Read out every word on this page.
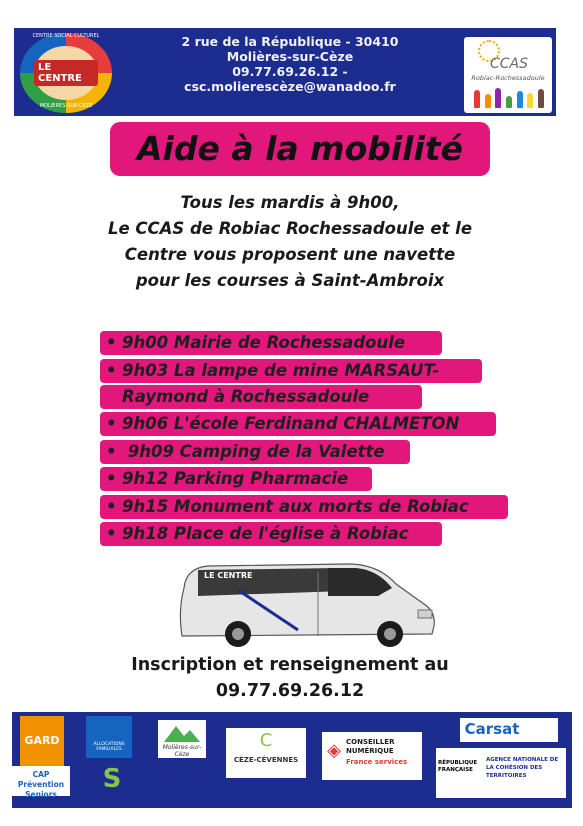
LE CENTRE
CENTRE SOCIAL CULTUREL
MOLIÈRES-SUR-CÈZE
2 rue de la République - 30410
Molières-sur-Cèze
09.77.69.26.12 -
csc.molierescèze@wanadoo.fr
CCAS
Robiac-Rochessadoule
Aide à la mobilité
Tous les mardis à 9h00,
Le CCAS de Robiac Rochessadoule et le
Centre vous proposent une navette
pour les courses à Saint-Ambroix
• 9h00 Mairie de Rochessadoule
• 9h03 La lampe de mine MARSAUT-
Raymond à Rochessadoule
• 9h06 L'école Ferdinand CHALMETON
• 9h09 Camping de la Valette
• 9h12 Parking Pharmacie
• 9h15 Monument aux morts de Robiac
• 9h18 Place de l'église à Robiac
LE CENTRE
Inscription et renseignement au
09.77.69.26.12
GARD
CAP Prévention Seniors
ALLOCATIONS FAMILIALES
S
Molières-sur-Cèze
C
CÈZE-CÉVENNES	◈ CONSEILLER NUMÉRIQUE
France services
Carsat
RÉPUBLIQUE FRANÇAISE
AGENCE NATIONALE DE LA COHÉSION DES TERRITOIRES
